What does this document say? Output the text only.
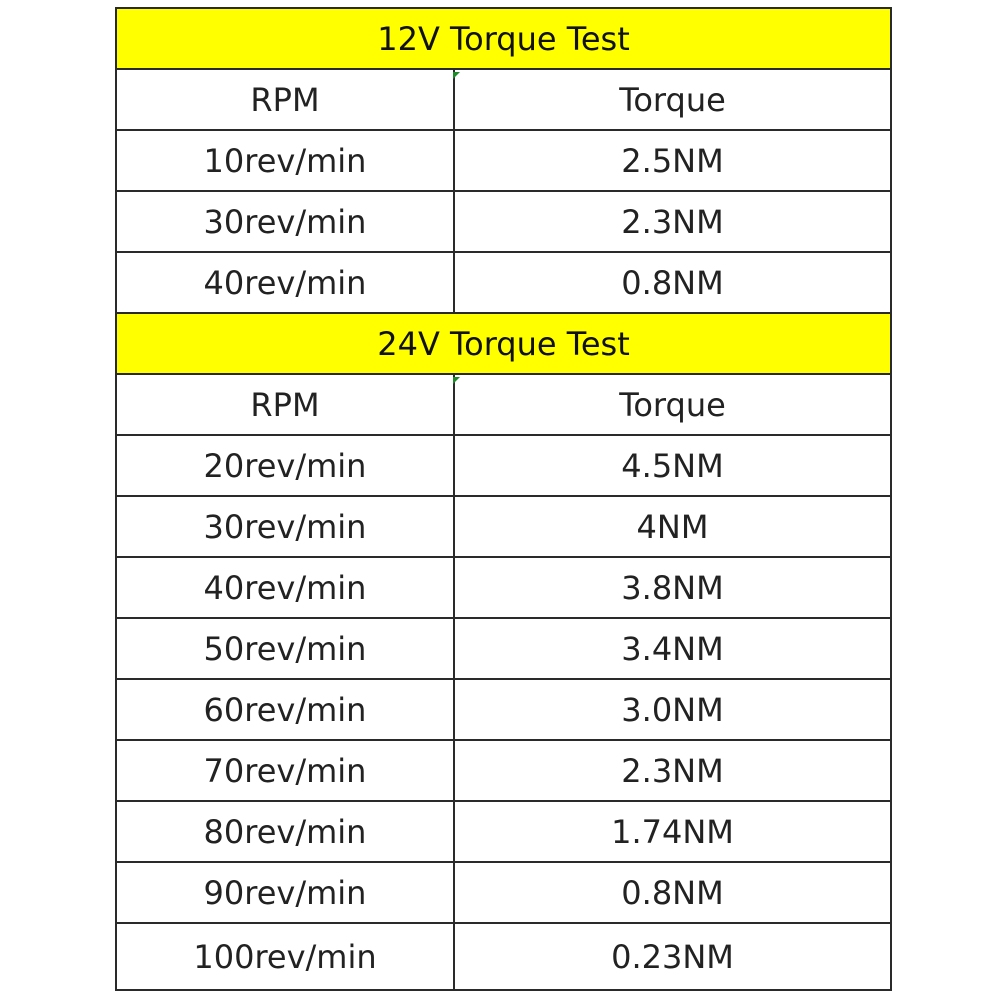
12V Torque Test
RPM	Torque
10rev/min	2.5NM
30rev/min	2.3NM
40rev/min	0.8NM
24V Torque Test
RPM	Torque
20rev/min	4.5NM
30rev/min	4NM
40rev/min	3.8NM
50rev/min	3.4NM
60rev/min	3.0NM
70rev/min	2.3NM
80rev/min	1.74NM
90rev/min	0.8NM
100rev/min	0.23NM
